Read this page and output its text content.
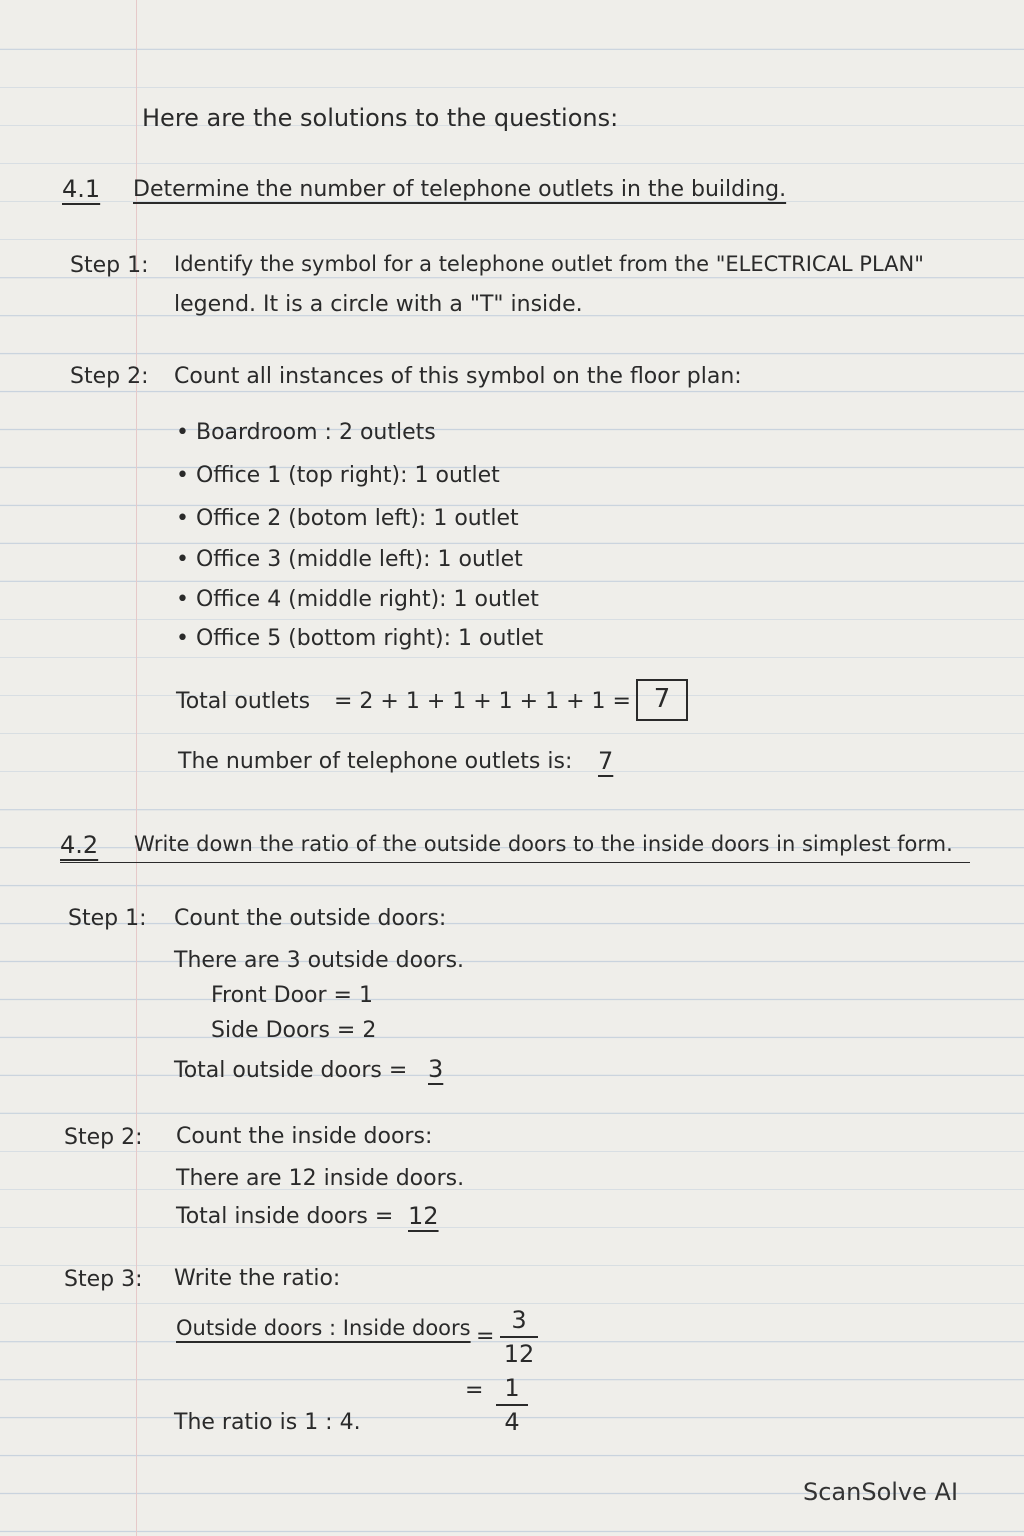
Here are the solutions to the questions:
4.1 Determine the number of telephone outlets in the building.
Step 1: Identify the symbol for a telephone outlet from the "ELECTRICAL PLAN"
legend. It is a circle with a "T" inside.
Step 2: Count all instances of this symbol on the floor plan:
• Boardroom : 2 outlets
• Office 1 (top right): 1 outlet
• Office 2 (botom left): 1 outlet
• Office 3 (middle left): 1 outlet
• Office 4 (middle right): 1 outlet
• Office 5 (bottom right): 1 outlet
Total outlets = 2 + 1 + 1 + 1 + 1 + 1 = 7
The number of telephone outlets is: 7
4.2 Write down the ratio of the outside doors to the inside doors in simplest form.
Step 1: Count the outside doors:
There are 3 outside doors.
Front Door = 1
Side Doors = 2
Total outside doors = 3
Step 2: Count the inside doors:
There are 12 inside doors.
Total inside doors = 12
Step 3: Write the ratio:
Outside doors : Inside doors =
3
12
= 1
4
The ratio is 1 : 4.
ScanSolve AI
